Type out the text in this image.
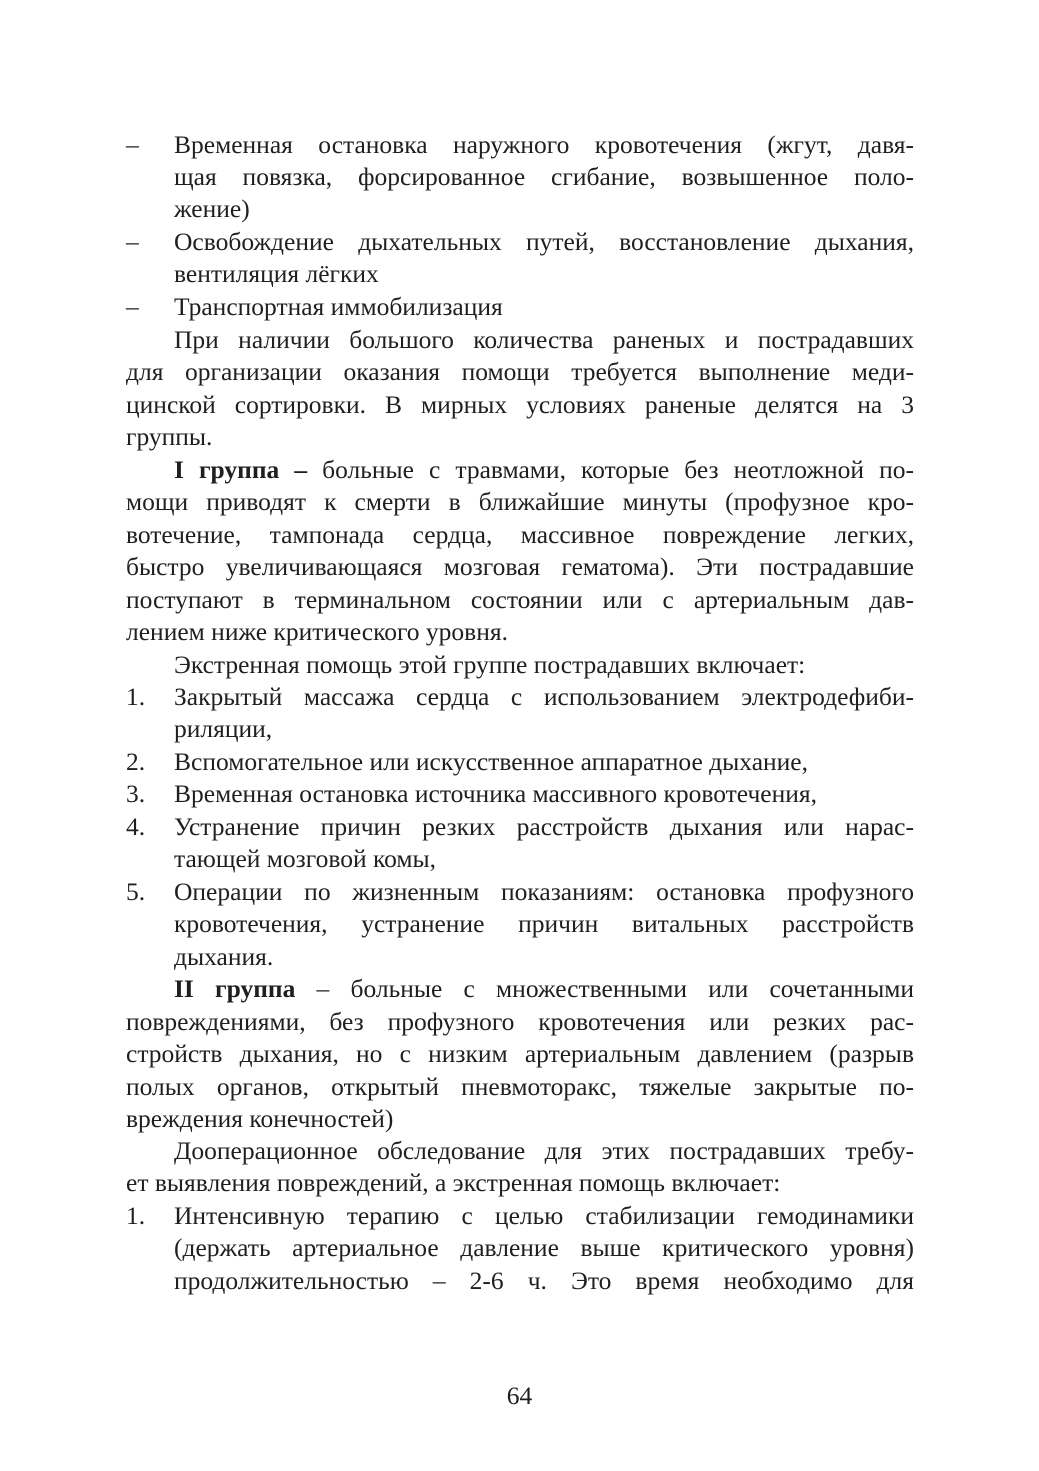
–	Временная остановка наружного кровотечения (жгут, давя-
щая повязка, форсированное сгибание, возвышенное поло-
жение)
–	Освобождение дыхательных путей, восстановление дыхания,
вентиляция лёгких
–	Транспортная иммобилизация
При наличии большого количества раненых и пострадавших
для организации оказания помощи требуется выполнение меди-
цинской сортировки. В мирных условиях раненые делятся на 3
группы.
I группа – больные с травмами, которые без неотложной по-
мощи приводят к смерти в ближайшие минуты (профузное кро-
вотечение, тампонада сердца, массивное повреждение легких,
быстро увеличивающаяся мозговая гематома). Эти пострадавшие
поступают в терминальном состоянии или с артериальным дав-
лением ниже критического уровня.
Экстренная помощь этой группе пострадавших включает:
1.	Закрытый массажа сердца с использованием электродефиби-
риляции,
2.	Вспомогательное или искусственное аппаратное дыхание,
3.	Временная остановка источника массивного кровотечения,
4.	Устранение причин резких расстройств дыхания или нарас-
тающей мозговой комы,
5.	Операции по жизненным показаниям: остановка профузного
кровотечения, устранение причин витальных расстройств
дыхания.
II группа – больные с множественными или сочетанными
повреждениями, без профузного кровотечения или резких рас-
стройств дыхания, но с низким артериальным давлением (разрыв
полых органов, открытый пневмоторакс, тяжелые закрытые по-
вреждения конечностей)
Дооперационное обследование для этих пострадавших требу-
ет выявления повреждений, а экстренная помощь включает:
1.	Интенсивную терапию с целью стабилизации гемодинамики
(держать артериальное давление выше критического уровня)
продолжительностью – 2-6 ч. Это время необходимо для
64
